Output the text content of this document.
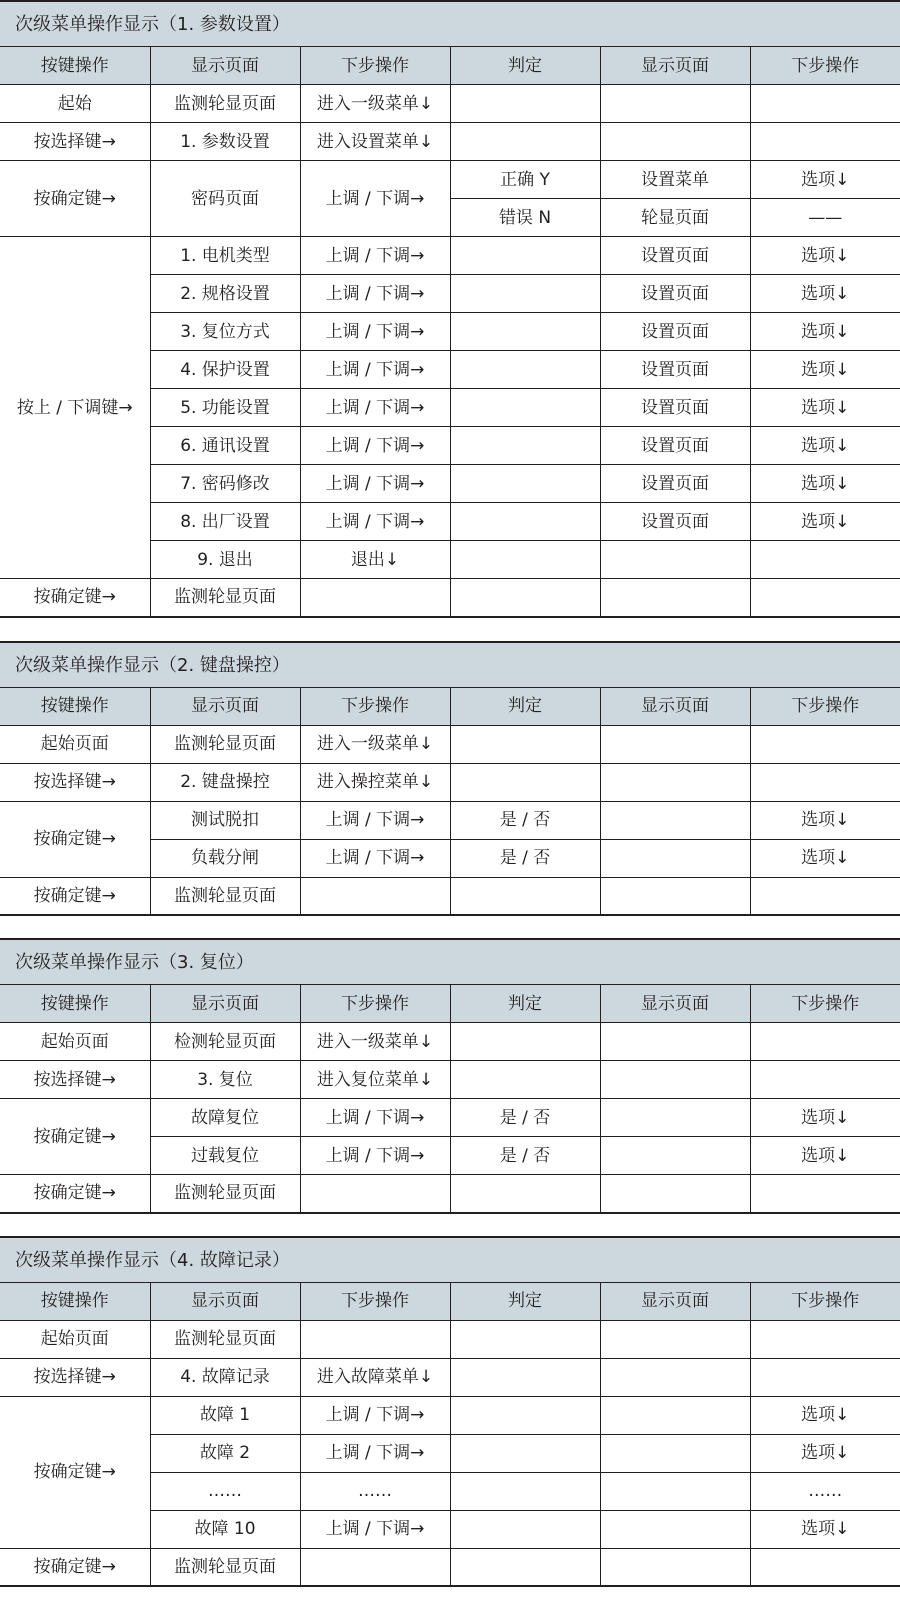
次级菜单操作显示（1. 参数设置）
按键操作	显示页面	下步操作	判定	显示页面	下步操作
起始	监测轮显页面	进入一级菜单↓			
按选择键→	1. 参数设置	进入设置菜单↓			
按确定键→	密码页面	上调 / 下调→	正确 Y	设置菜单	选项↓
			错误 N	轮显页面	——
按上 / 下调键→	1. 电机类型	上调 / 下调→		设置页面	选项↓
	2. 规格设置	上调 / 下调→		设置页面	选项↓
	3. 复位方式	上调 / 下调→		设置页面	选项↓
	4. 保护设置	上调 / 下调→		设置页面	选项↓
	5. 功能设置	上调 / 下调→		设置页面	选项↓
	6. 通讯设置	上调 / 下调→		设置页面	选项↓
	7. 密码修改	上调 / 下调→		设置页面	选项↓
	8. 出厂设置	上调 / 下调→		设置页面	选项↓
	9. 退出	退出↓			
按确定键→	监测轮显页面				
次级菜单操作显示（2. 键盘操控）
按键操作	显示页面	下步操作	判定	显示页面	下步操作
起始页面	监测轮显页面	进入一级菜单↓			
按选择键→	2. 键盘操控	进入操控菜单↓			
按确定键→	测试脱扣	上调 / 下调→	是 / 否		选项↓
	负载分闸	上调 / 下调→	是 / 否		选项↓
按确定键→	监测轮显页面				
次级菜单操作显示（3. 复位）
按键操作	显示页面	下步操作	判定	显示页面	下步操作
起始页面	检测轮显页面	进入一级菜单↓			
按选择键→	3. 复位	进入复位菜单↓			
按确定键→	故障复位	上调 / 下调→	是 / 否		选项↓
	过载复位	上调 / 下调→	是 / 否		选项↓
按确定键→	监测轮显页面				
次级菜单操作显示（4. 故障记录）
按键操作	显示页面	下步操作	判定	显示页面	下步操作
起始页面	监测轮显页面				
按选择键→	4. 故障记录	进入故障菜单↓			
按确定键→	故障 1	上调 / 下调→			选项↓
	故障 2	上调 / 下调→			选项↓
	……	……			……
	故障 10	上调 / 下调→			选项↓
按确定键→	监测轮显页面				
